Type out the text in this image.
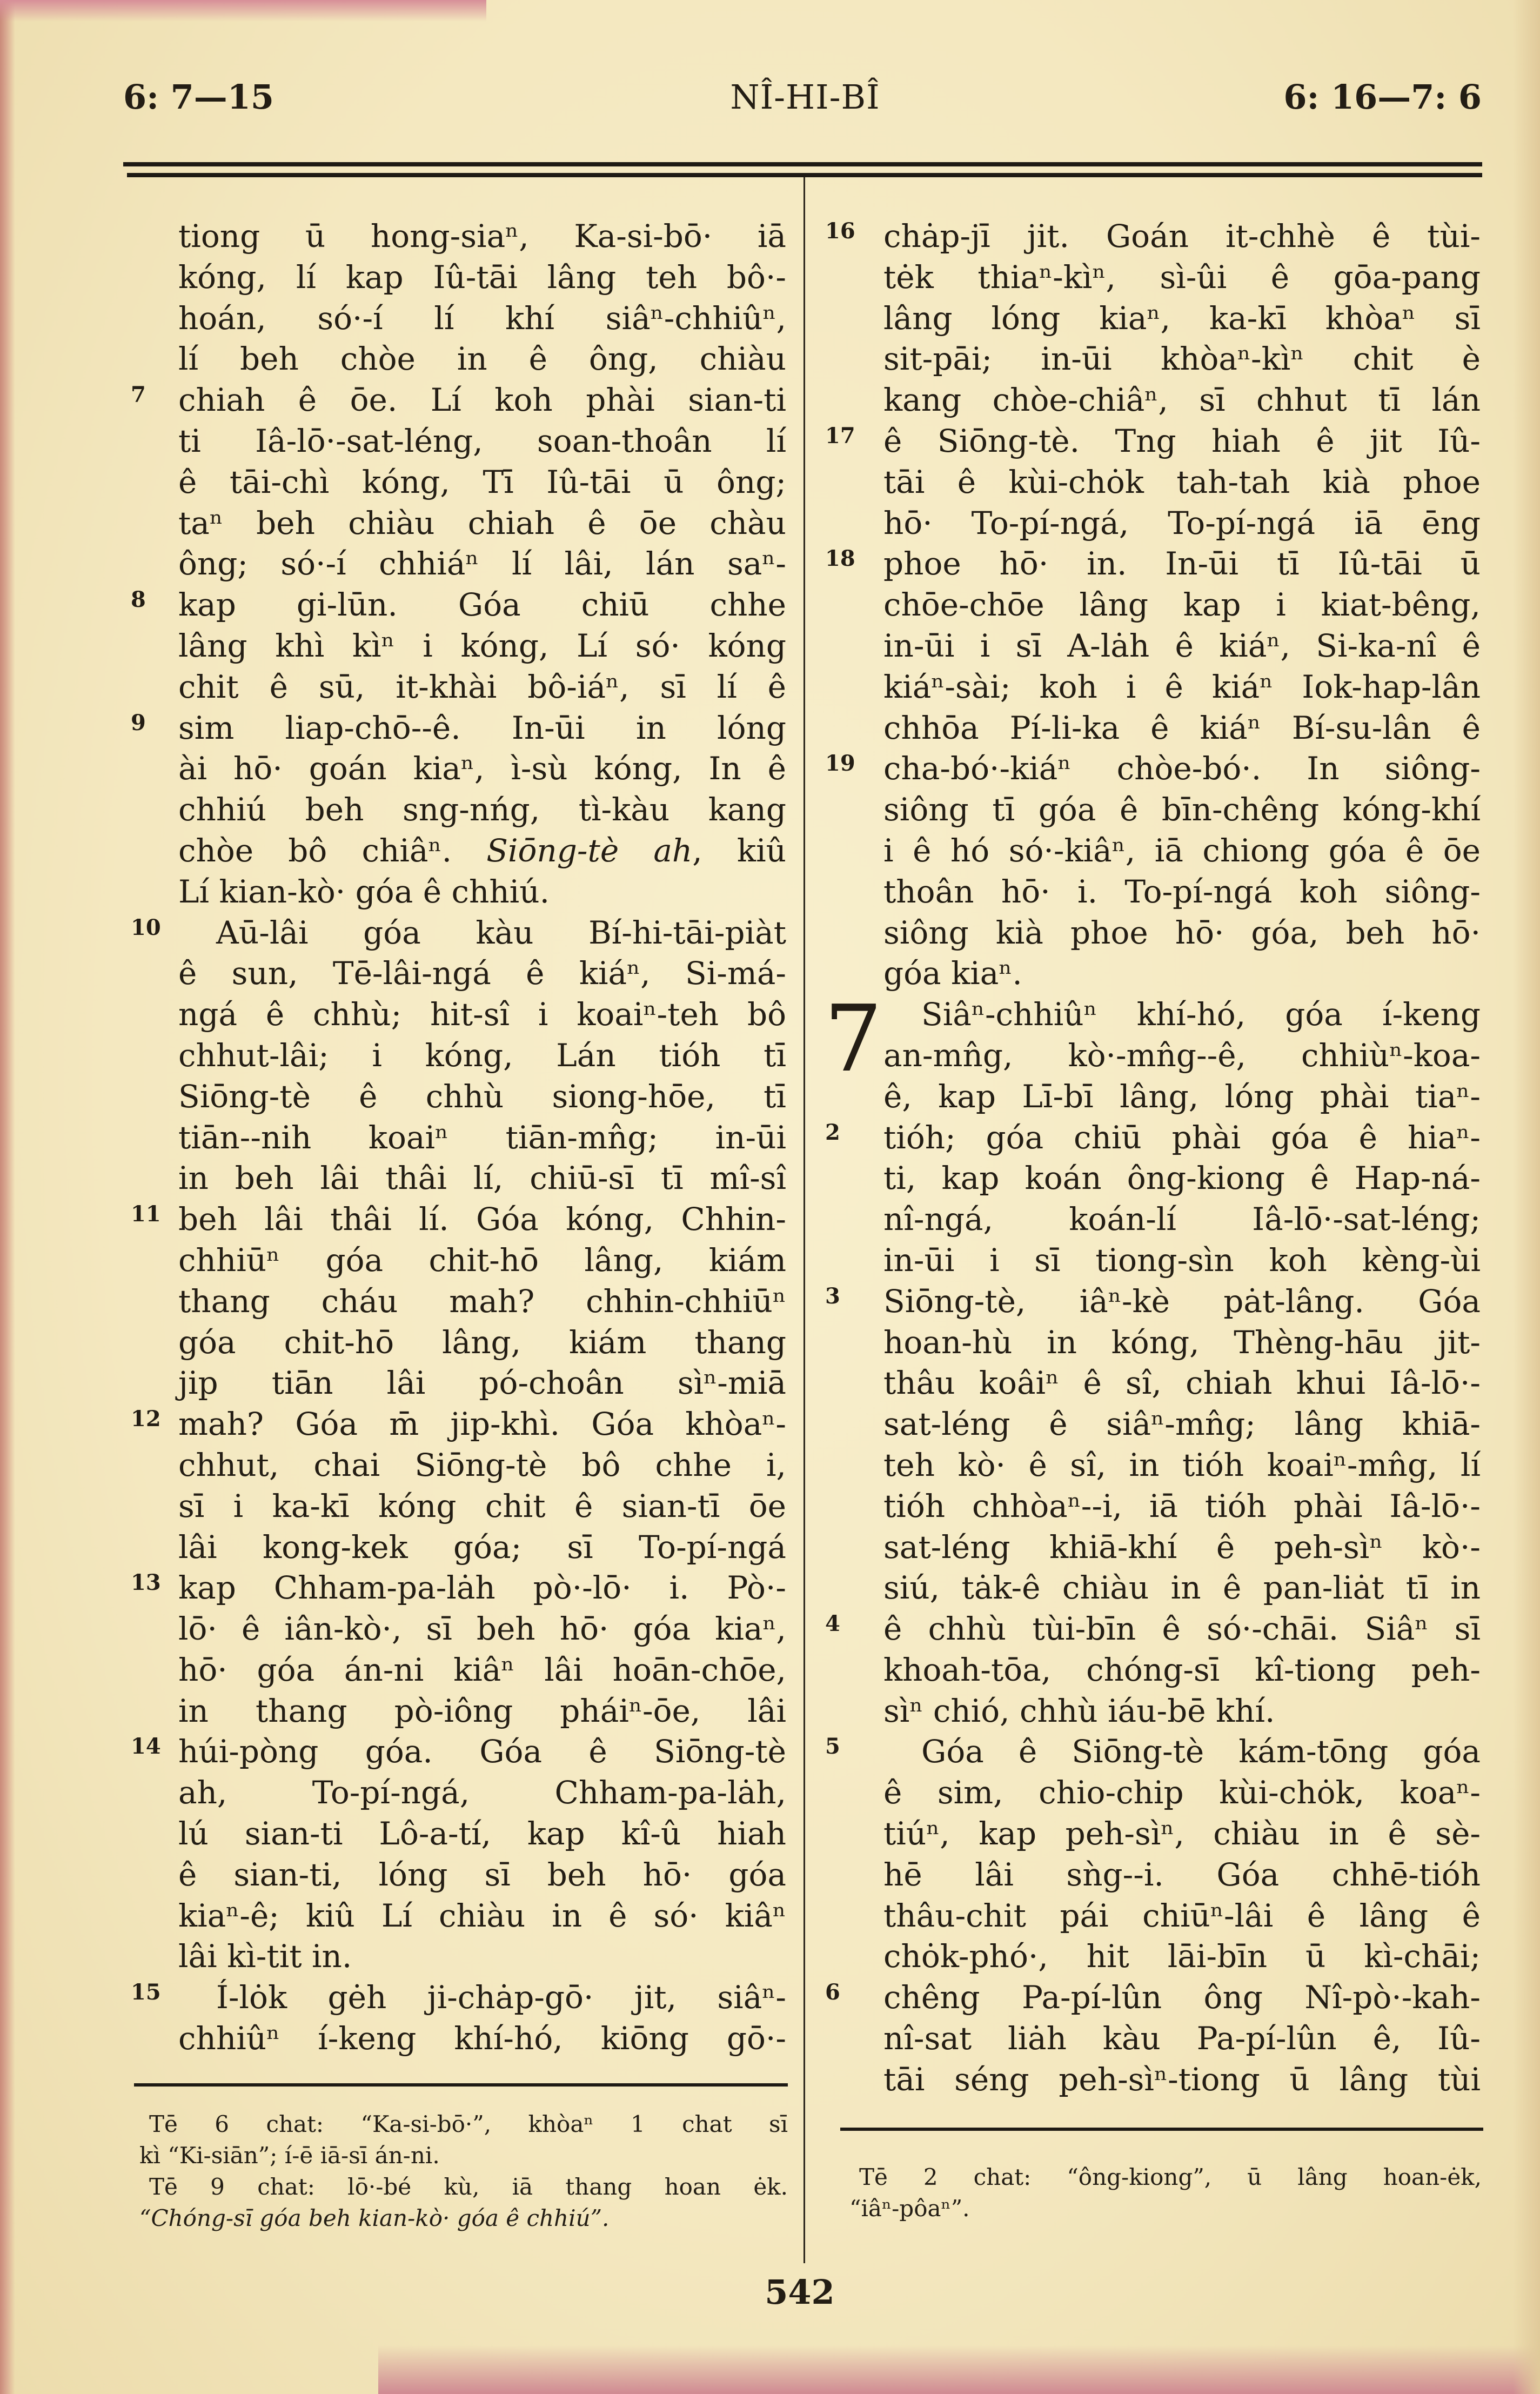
6: 7—15	NÎ-HI-BÎ	6: 16—7: 6
tiong ū hong-siaⁿ, Ka-si-bō· iā
kóng, lí kap Iû-tāi lâng teh bô·-
hoán, só·-í lí khí siâⁿ-chhiûⁿ,
lí beh chòe in ê ông, chiàu
7 chiah ê ōe. Lí koh phài sian-ti
ti Iâ-lō·-sat-léng, soan-thoân lí
ê tāi-chì kóng, Tī Iû-tāi ū ông;
taⁿ beh chiàu chiah ê ōe chàu
ông; só·-í chhiáⁿ lí lâi, lán saⁿ-
8 kap gi-lūn. Góa chiū chhe
lâng khì kìⁿ i kóng, Lí só· kóng
chit ê sū, it-khài bô-iáⁿ, sī lí ê
9 sim liap-chō--ê. In-ūi in lóng
ài hō· goán kiaⁿ, ì-sù kóng, In ê
chhiú beh sng-nńg, tì-kàu kang
chòe bô chiâⁿ. Siōng-tè ah, kiû
Lí kian-kò· góa ê chhiú.
10 Aū-lâi góa kàu Bí-hi-tāi-piàt
ê sun, Tē-lâi-ngá ê kiáⁿ, Si-má-
ngá ê chhù; hit-sî i koaiⁿ-teh bô
chhut-lâi; i kóng, Lán tióh tī
Siōng-tè ê chhù siong-hōe, tī
tiān--nih koaiⁿ tiān-mn̂g; in-ūi
in beh lâi thâi lí, chiū-sī tī mî-sî
11 beh lâi thâi lí. Góa kóng, Chhin-
chhiūⁿ góa chit-hō lâng, kiám
thang cháu mah? chhin-chhiūⁿ
góa chit-hō lâng, kiám thang
jip tiān lâi pó-choân sìⁿ-miā
12 mah? Góa m̄ jip-khì. Góa khòaⁿ-
chhut, chai Siōng-tè bô chhe i,
sī i ka-kī kóng chit ê sian-tī ōe
lâi kong-kek góa; sī To-pí-ngá
13 kap Chham-pa-lȧh pò·-lō· i. Pò·-
lō· ê iân-kò·, sī beh hō· góa kiaⁿ,
hō· góa án-ni kiâⁿ lâi hoān-chōe,
in thang pò-iông pháiⁿ-ōe, lâi
14 húi-pòng góa. Góa ê Siōng-tè
ah, To-pí-ngá, Chham-pa-lȧh,
lú sian-ti Lô-a-tí, kap kî-û hiah
ê sian-ti, lóng sī beh hō· góa
kiaⁿ-ê; kiû Lí chiàu in ê só· kiâⁿ
lâi kì-tit in.
15 Í-lȯk gėh ji-chȧp-gō· jit, siâⁿ-
chhiûⁿ í-keng khí-hó, kiōng gō·-
16 chȧp-jī jit. Goán it-chhè ê tùi-
tėk thiaⁿ-kìⁿ, sì-ûi ê gōa-pang
lâng lóng kiaⁿ, ka-kī khòaⁿ sī
sit-pāi; in-ūi khòaⁿ-kìⁿ chit è
kang chòe-chiâⁿ, sī chhut tī lán
17 ê Siōng-tè. Tng hiah ê jit Iû-
tāi ê kùi-chȯk tah-tah kià phoe
hō· To-pí-ngá, To-pí-ngá iā ēng
18 phoe hō· in. In-ūi tī Iû-tāi ū
chōe-chōe lâng kap i kiat-bêng,
in-ūi i sī A-lȧh ê kiáⁿ, Si-ka-nî ê
kiáⁿ-sài; koh i ê kiáⁿ Iok-hap-lân
chhōa Pí-li-ka ê kiáⁿ Bí-su-lân ê
19 cha-bó·-kiáⁿ chòe-bó·. In siông-
siông tī góa ê bīn-chêng kóng-khí
i ê hó só·-kiâⁿ, iā chiong góa ê ōe
thoân hō· i. To-pí-ngá koh siông-
siông kià phoe hō· góa, beh hō·
góa kiaⁿ.
7 Siâⁿ-chhiûⁿ khí-hó, góa í-keng
an-mn̂g, kò·-mn̂g--ê, chhiùⁿ-koa-
ê, kap Lī-bī lâng, lóng phài tiaⁿ-
2 tióh; góa chiū phài góa ê hiaⁿ-
ti, kap koán ông-kiong ê Hap-ná-
nî-ngá, koán-lí Iâ-lō·-sat-léng;
in-ūi i sī tiong-sìn koh kèng-ùi
3 Siōng-tè, iâⁿ-kè pȧt-lâng. Góa
hoan-hù in kóng, Thèng-hāu jit-
thâu koâiⁿ ê sî, chiah khui Iâ-lō·-
sat-léng ê siâⁿ-mn̂g; lâng khiā-
teh kò· ê sî, in tióh koaiⁿ-mn̂g, lí
tióh chhòaⁿ--i, iā tióh phài Iâ-lō·-
sat-léng khiā-khí ê peh-sìⁿ kò·-
siú, tȧk-ê chiàu in ê pan-liȧt tī in
4 ê chhù tùi-bīn ê só·-chāi. Siâⁿ sī
khoah-tōa, chóng-sī kî-tiong peh-
sìⁿ chió, chhù iáu-bē khí.
5	Góa ê Siōng-tè kám-tōng góa
ê sim, chio-chip kùi-chȯk, koaⁿ-
tiúⁿ, kap peh-sìⁿ, chiàu in ê sè-
hē lâi sǹg--i. Góa chhē-tióh
thâu-chit pái chiūⁿ-lâi ê lâng ê
chȯk-phó·, hit lāi-bīn ū kì-chāi;
6 chêng Pa-pí-lûn ông Nî-pò·-kah-
nî-sat liȧh kàu Pa-pí-lûn ê, Iû-
tāi séng peh-sìⁿ-tiong ū lâng tùi
Tē 6 chat: “Ka-si-bō·”, khòaⁿ 1 chat sī
kì “Ki-siān”; í-ē iā-sī án-ni.
Tē 9 chat: lō·-bé kù, iā thang hoan ėk.
“Chóng-sī góa beh kian-kò· góa ê chhiú”.
Tē 2 chat: “ông-kiong”, ū lâng hoan-ėk,
“iâⁿ-pôaⁿ”.
542
